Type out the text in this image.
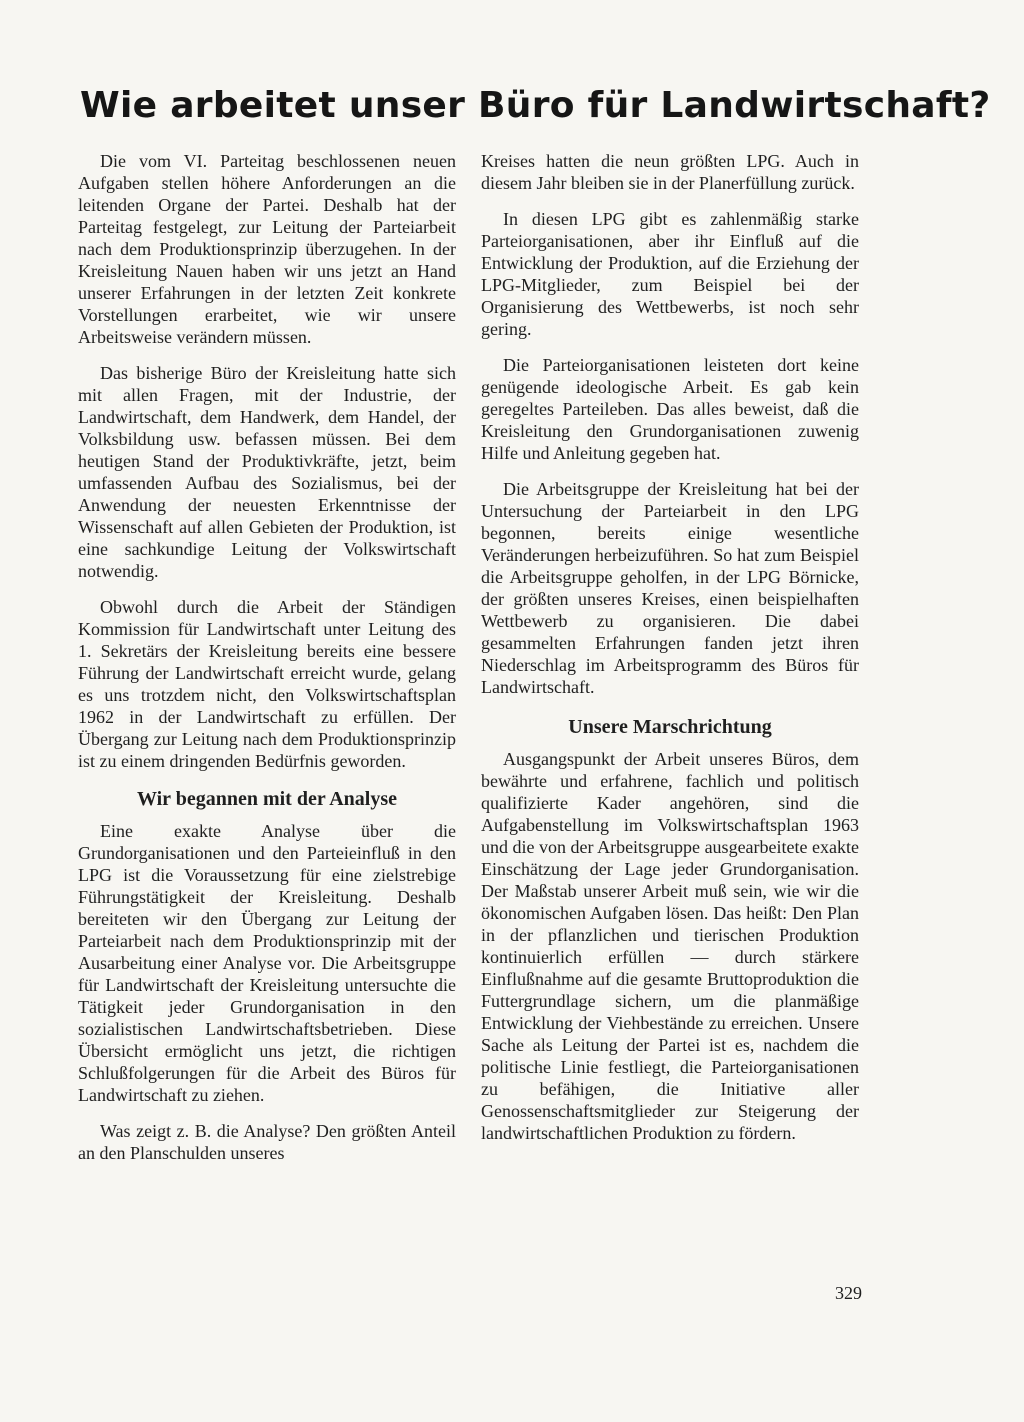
Wie arbeitet unser Büro für Landwirtschaft?

Die vom VI. Parteitag beschlossenen neuen Aufgaben stellen höhere Anforderungen an die leitenden Organe der Partei. Deshalb hat der Parteitag festgelegt, zur Leitung der Parteiarbeit nach dem Produktionsprinzip überzugehen. In der Kreisleitung Nauen haben wir uns jetzt an Hand unserer Erfahrungen in der letzten Zeit konkrete Vorstellungen erarbeitet, wie wir unsere Arbeitsweise verändern müssen.

Das bisherige Büro der Kreisleitung hatte sich mit allen Fragen, mit der Industrie, der Landwirtschaft, dem Handwerk, dem Handel, der Volksbildung usw. befassen müssen. Bei dem heutigen Stand der Produktivkräfte, jetzt, beim umfassenden Aufbau des Sozialismus, bei der Anwendung der neuesten Erkenntnisse der Wissenschaft auf allen Gebieten der Produktion, ist eine sachkundige Leitung der Volkswirtschaft notwendig.

Obwohl durch die Arbeit der Ständigen Kommission für Landwirtschaft unter Leitung des 1. Sekretärs der Kreisleitung bereits eine bessere Führung der Landwirtschaft erreicht wurde, gelang es uns trotzdem nicht, den Volkswirtschaftsplan 1962 in der Landwirtschaft zu erfüllen. Der Übergang zur Leitung nach dem Produktionsprinzip ist zu einem dringenden Bedürfnis geworden.

Wir begannen mit der Analyse

Eine exakte Analyse über die Grundorganisationen und den Parteieinfluß in den LPG ist die Voraussetzung für eine zielstrebige Führungstätigkeit der Kreisleitung. Deshalb bereiteten wir den Übergang zur Leitung der Parteiarbeit nach dem Produktionsprinzip mit der Ausarbeitung einer Analyse vor. Die Arbeitsgruppe für Landwirtschaft der Kreisleitung untersuchte die Tätigkeit jeder Grundorganisation in den sozialistischen Landwirtschaftsbetrieben. Diese Übersicht ermöglicht uns jetzt, die richtigen Schlußfolgerungen für die Arbeit des Büros für Landwirtschaft zu ziehen.

Was zeigt z. B. die Analyse? Den größten Anteil an den Planschulden unseres

Kreises hatten die neun größten LPG. Auch in diesem Jahr bleiben sie in der Planerfüllung zurück.

In diesen LPG gibt es zahlenmäßig starke Parteiorganisationen, aber ihr Einfluß auf die Entwicklung der Produktion, auf die Erziehung der LPG-Mitglieder, zum Beispiel bei der Organisierung des Wettbewerbs, ist noch sehr gering.

Die Parteiorganisationen leisteten dort keine genügende ideologische Arbeit. Es gab kein geregeltes Parteileben. Das alles beweist, daß die Kreisleitung den Grundorganisationen zuwenig Hilfe und Anleitung gegeben hat.

Die Arbeitsgruppe der Kreisleitung hat bei der Untersuchung der Parteiarbeit in den LPG begonnen, bereits einige wesentliche Veränderungen herbeizuführen. So hat zum Beispiel die Arbeitsgruppe geholfen, in der LPG Börnicke, der größten unseres Kreises, einen beispielhaften Wettbewerb zu organisieren. Die dabei gesammelten Erfahrungen fanden jetzt ihren Niederschlag im Arbeitsprogramm des Büros für Landwirtschaft.

Unsere Marschrichtung

Ausgangspunkt der Arbeit unseres Büros, dem bewährte und erfahrene, fachlich und politisch qualifizierte Kader angehören, sind die Aufgabenstellung im Volkswirtschaftsplan 1963 und die von der Arbeitsgruppe ausgearbeitete exakte Einschätzung der Lage jeder Grundorganisation. Der Maßstab unserer Arbeit muß sein, wie wir die ökonomischen Aufgaben lösen. Das heißt: Den Plan in der pflanzlichen und tierischen Produktion kontinuierlich erfüllen — durch stärkere Einflußnahme auf die gesamte Bruttoproduktion die Futtergrundlage sichern, um die planmäßige Entwicklung der Viehbestände zu erreichen. Unsere Sache als Leitung der Partei ist es, nachdem die politische Linie festliegt, die Parteiorganisationen zu befähigen, die Initiative aller Genossenschaftsmitglieder zur Steigerung der landwirtschaftlichen Produktion zu fördern.

329
